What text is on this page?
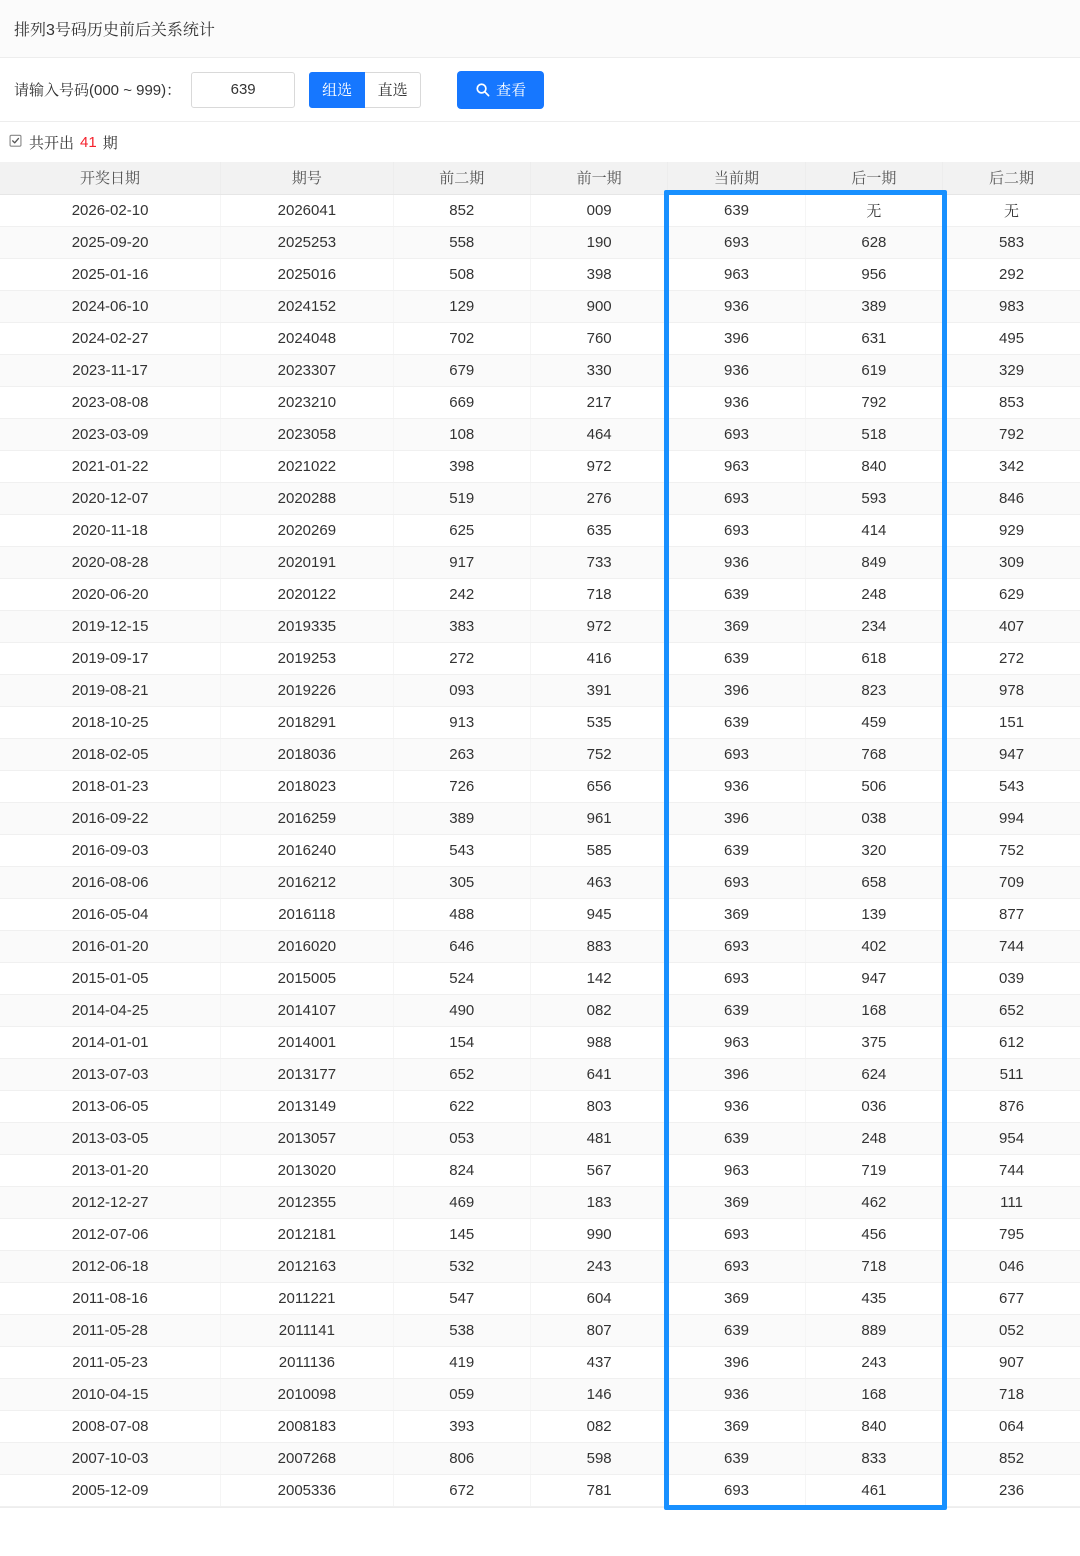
排列3号码历史前后关系统计
请输入号码(000 ~ 999)：
639	组选	直选	查看
共开出 41 期
开奖日期	期号	前二期	前一期	当前期	后一期	后二期
2026-02-10	2026041	852	009	639	无	无
2025-09-20	2025253	558	190	693	628	583
2025-01-16	2025016	508	398	963	956	292
2024-06-10	2024152	129	900	936	389	983
2024-02-27	2024048	702	760	396	631	495
2023-11-17	2023307	679	330	936	619	329
2023-08-08	2023210	669	217	936	792	853
2023-03-09	2023058	108	464	693	518	792
2021-01-22	2021022	398	972	963	840	342
2020-12-07	2020288	519	276	693	593	846
2020-11-18	2020269	625	635	693	414	929
2020-08-28	2020191	917	733	936	849	309
2020-06-20	2020122	242	718	639	248	629
2019-12-15	2019335	383	972	369	234	407
2019-09-17	2019253	272	416	639	618	272
2019-08-21	2019226	093	391	396	823	978
2018-10-25	2018291	913	535	639	459	151
2018-02-05	2018036	263	752	693	768	947
2018-01-23	2018023	726	656	936	506	543
2016-09-22	2016259	389	961	396	038	994
2016-09-03	2016240	543	585	639	320	752
2016-08-06	2016212	305	463	693	658	709
2016-05-04	2016118	488	945	369	139	877
2016-01-20	2016020	646	883	693	402	744
2015-01-05	2015005	524	142	693	947	039
2014-04-25	2014107	490	082	639	168	652
2014-01-01	2014001	154	988	963	375	612
2013-07-03	2013177	652	641	396	624	511
2013-06-05	2013149	622	803	936	036	876
2013-03-05	2013057	053	481	639	248	954
2013-01-20	2013020	824	567	963	719	744
2012-12-27	2012355	469	183	369	462	111
2012-07-06	2012181	145	990	693	456	795
2012-06-18	2012163	532	243	693	718	046
2011-08-16	2011221	547	604	369	435	677
2011-05-28	2011141	538	807	639	889	052
2011-05-23	2011136	419	437	396	243	907
2010-04-15	2010098	059	146	936	168	718
2008-07-08	2008183	393	082	369	840	064
2007-10-03	2007268	806	598	639	833	852
2005-12-09	2005336	672	781	693	461	236
